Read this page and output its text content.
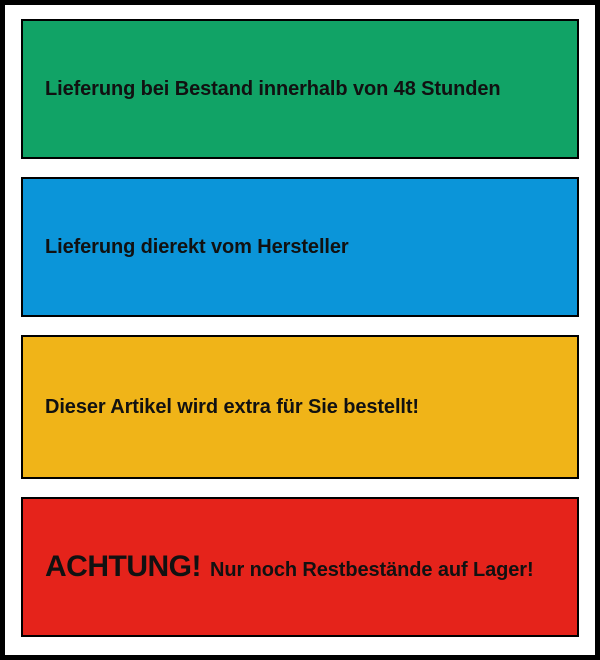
Lieferung bei Bestand innerhalb von 48 Stunden
Lieferung dierekt vom Hersteller
Dieser Artikel wird extra für Sie bestellt!
ACHTUNG! Nur noch Restbestände auf Lager!
